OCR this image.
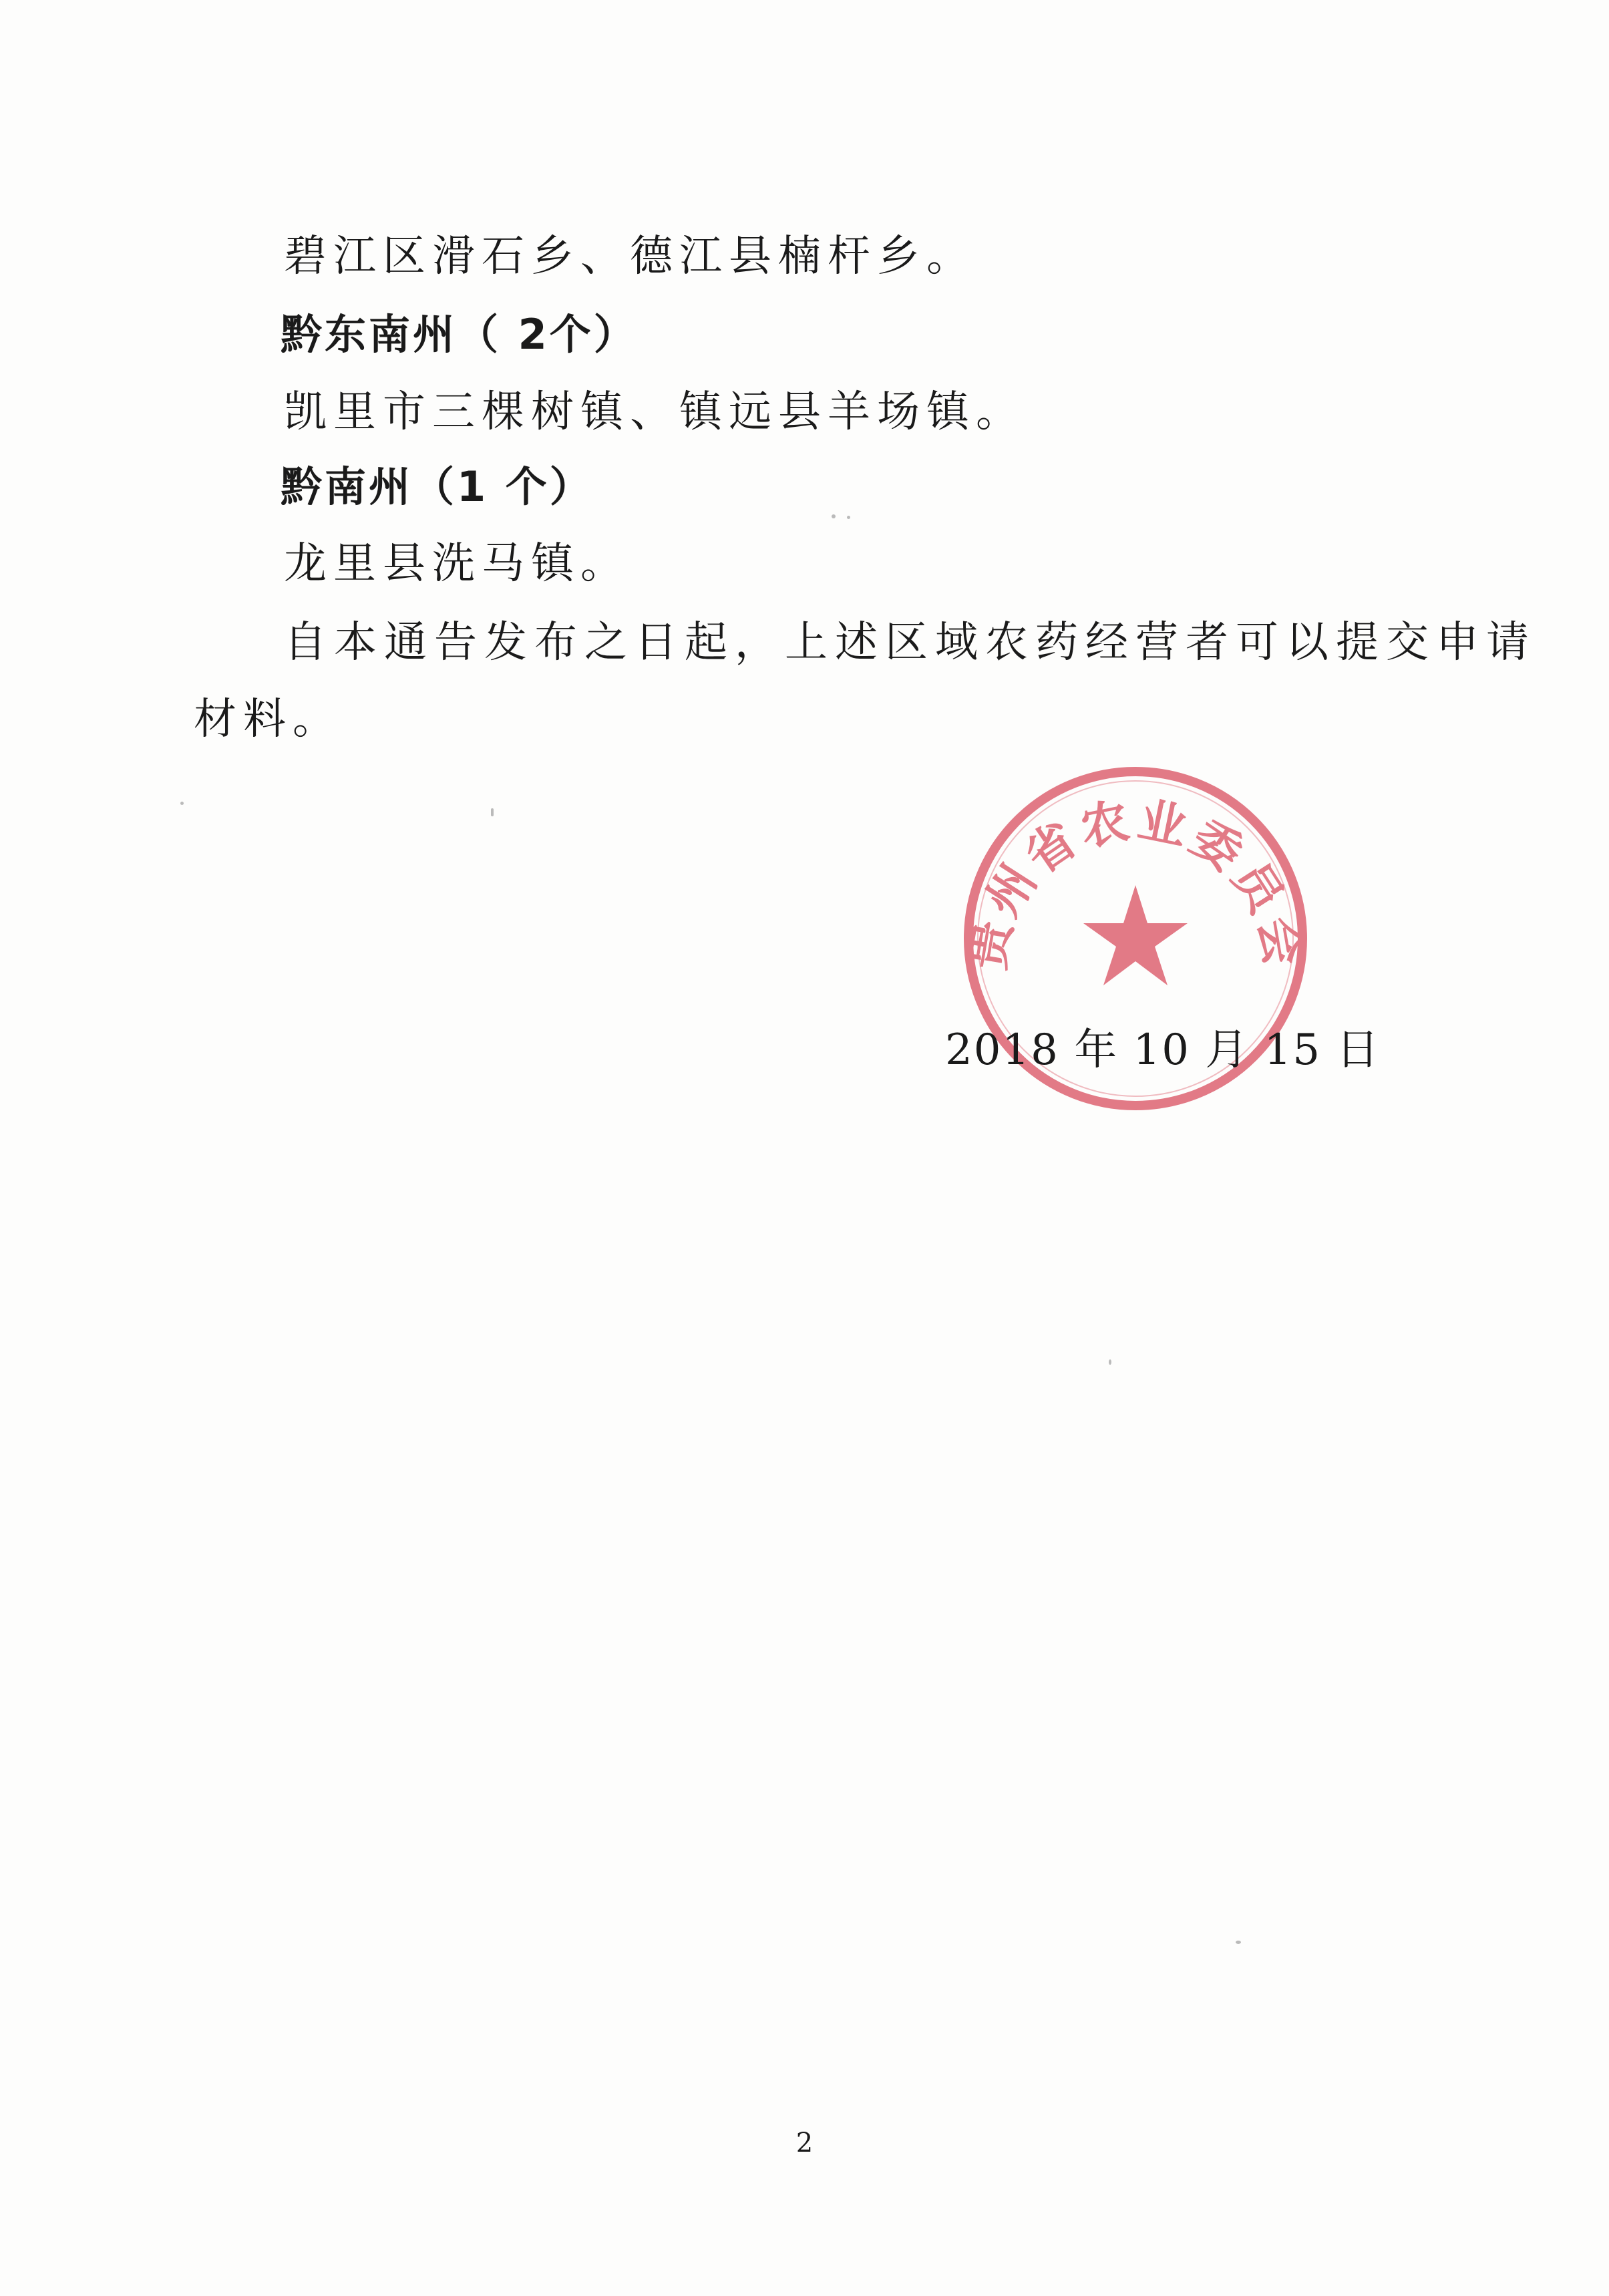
碧江区滑石乡、德江县楠杆乡。
黔东南州（ 2个）
凯里市三棵树镇、镇远县羊场镇。
黔南州（1 个）
龙里县洗马镇。
自本通告发布之日起，上述区域农药经营者可以提交申请
材料。
贵州省农业委员会
2018 年 10 月 15 日
2
